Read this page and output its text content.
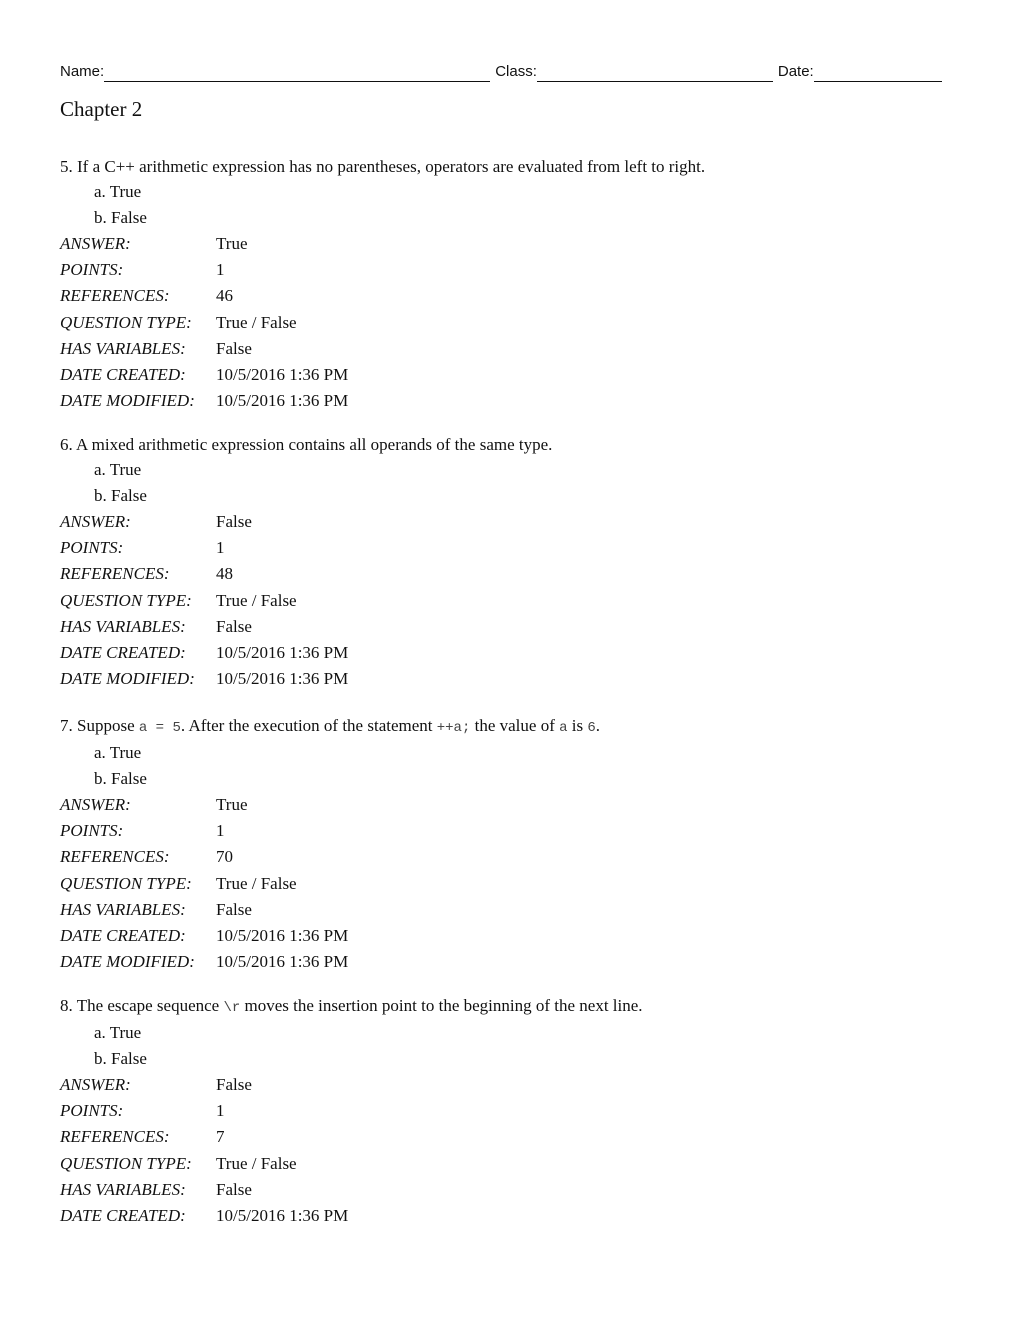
Name:	Class:	Date:
Chapter 2
5. If a C++ arithmetic expression has no parentheses, operators are evaluated from left to right.
a. True
b. False
ANSWER:	True
POINTS:	1
REFERENCES:	46
QUESTION TYPE:	True / False
HAS VARIABLES:	False
DATE CREATED:	10/5/2016 1:36 PM
DATE MODIFIED:	10/5/2016 1:36 PM
6. A mixed arithmetic expression contains all operands of the same type.
a. True
b. False
ANSWER:	False
POINTS:	1
REFERENCES:	48
QUESTION TYPE:	True / False
HAS VARIABLES:	False
DATE CREATED:	10/5/2016 1:36 PM
DATE MODIFIED:	10/5/2016 1:36 PM
7. Suppose a = 5. After the execution of the statement ++a; the value of a is 6.
a. True
b. False
ANSWER:	True
POINTS:	1
REFERENCES:	70
QUESTION TYPE:	True / False
HAS VARIABLES:	False
DATE CREATED:	10/5/2016 1:36 PM
DATE MODIFIED:	10/5/2016 1:36 PM
8. The escape sequence \r moves the insertion point to the beginning of the next line.
a. True
b. False
ANSWER:	False
POINTS:	1
REFERENCES:	7
QUESTION TYPE:	True / False
HAS VARIABLES:	False
DATE CREATED:	10/5/2016 1:36 PM
